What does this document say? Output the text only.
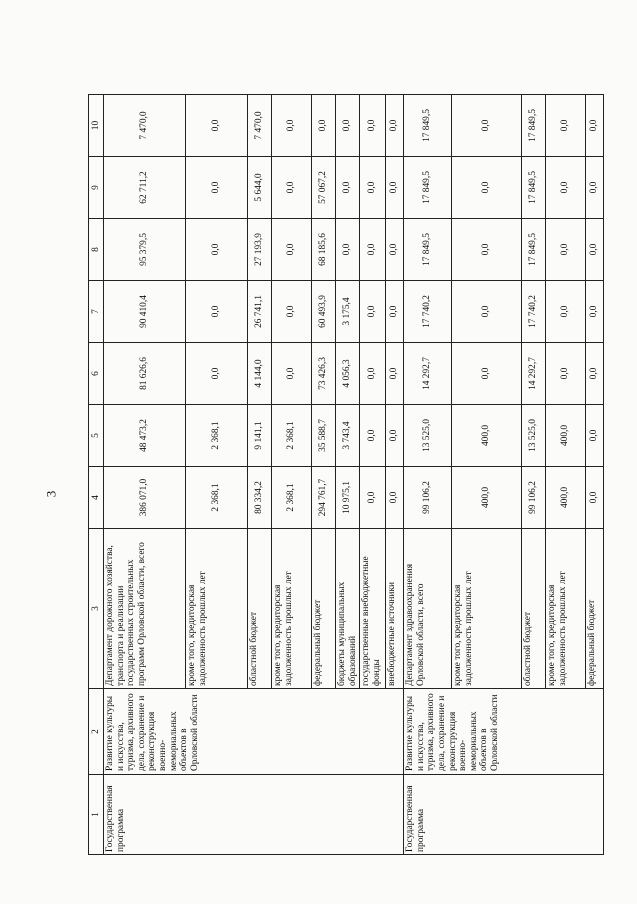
3
1	2	3	4	5	6	7	8	9	10
Государственная программа	Развитие культуры и искусства, туризма, архивного дела, сохранение и реконструкция военно-мемориальных объектов в Орловской области	Департамент дорожного хозяйства, транспорта и реализации государственных строительных программ Орловской области, всего	386 071,0	48 473,2	81 626,6	90 410,4	95 379,5	62 711,2	7 470,0
		кроме того, кредиторская задолженность прошлых лет	2 368,1	2 368,1	0,0	0,0	0,0	0,0	0,0
		областной бюджет	80 334,2	9 141,1	4 144,0	26 741,1	27 193,9	5 644,0	7 470,0
		кроме того, кредиторская задолженность прошлых лет	2 368,1	2 368,1	0,0	0,0	0,0	0,0	0,0
		федеральный бюджет	294 761,7	35 588,7	73 426,3	60 493,9	68 185,6	57 067,2	0,0
		бюджеты муниципальных образований	10 975,1	3 743,4	4 056,3	3 175,4	0,0	0,0	0,0
		государственные внебюджетные фонды	0,0	0,0	0,0	0,0	0,0	0,0	0,0
		внебюджетные источники	0,0	0,0	0,0	0,0	0,0	0,0	0,0
Государственная программа	Развитие культуры и искусства, туризма, архивного дела, сохранение и реконструкция военно-мемориальных объектов в Орловской области	Департамент здравоохранения Орловской области, всего	99 106,2	13 525,0	14 292,7	17 740,2	17 849,5	17 849,5	17 849,5
		кроме того, кредиторская задолженность прошлых лет	400,0	400,0	0,0	0,0	0,0	0,0	0,0
		областной бюджет	99 106,2	13 525,0	14 292,7	17 740,2	17 849,5	17 849,5	17 849,5
		кроме того, кредиторская задолженность прошлых лет	400,0	400,0	0,0	0,0	0,0	0,0	0,0
		федеральный бюджет	0,0	0,0	0,0	0,0	0,0	0,0	0,0
